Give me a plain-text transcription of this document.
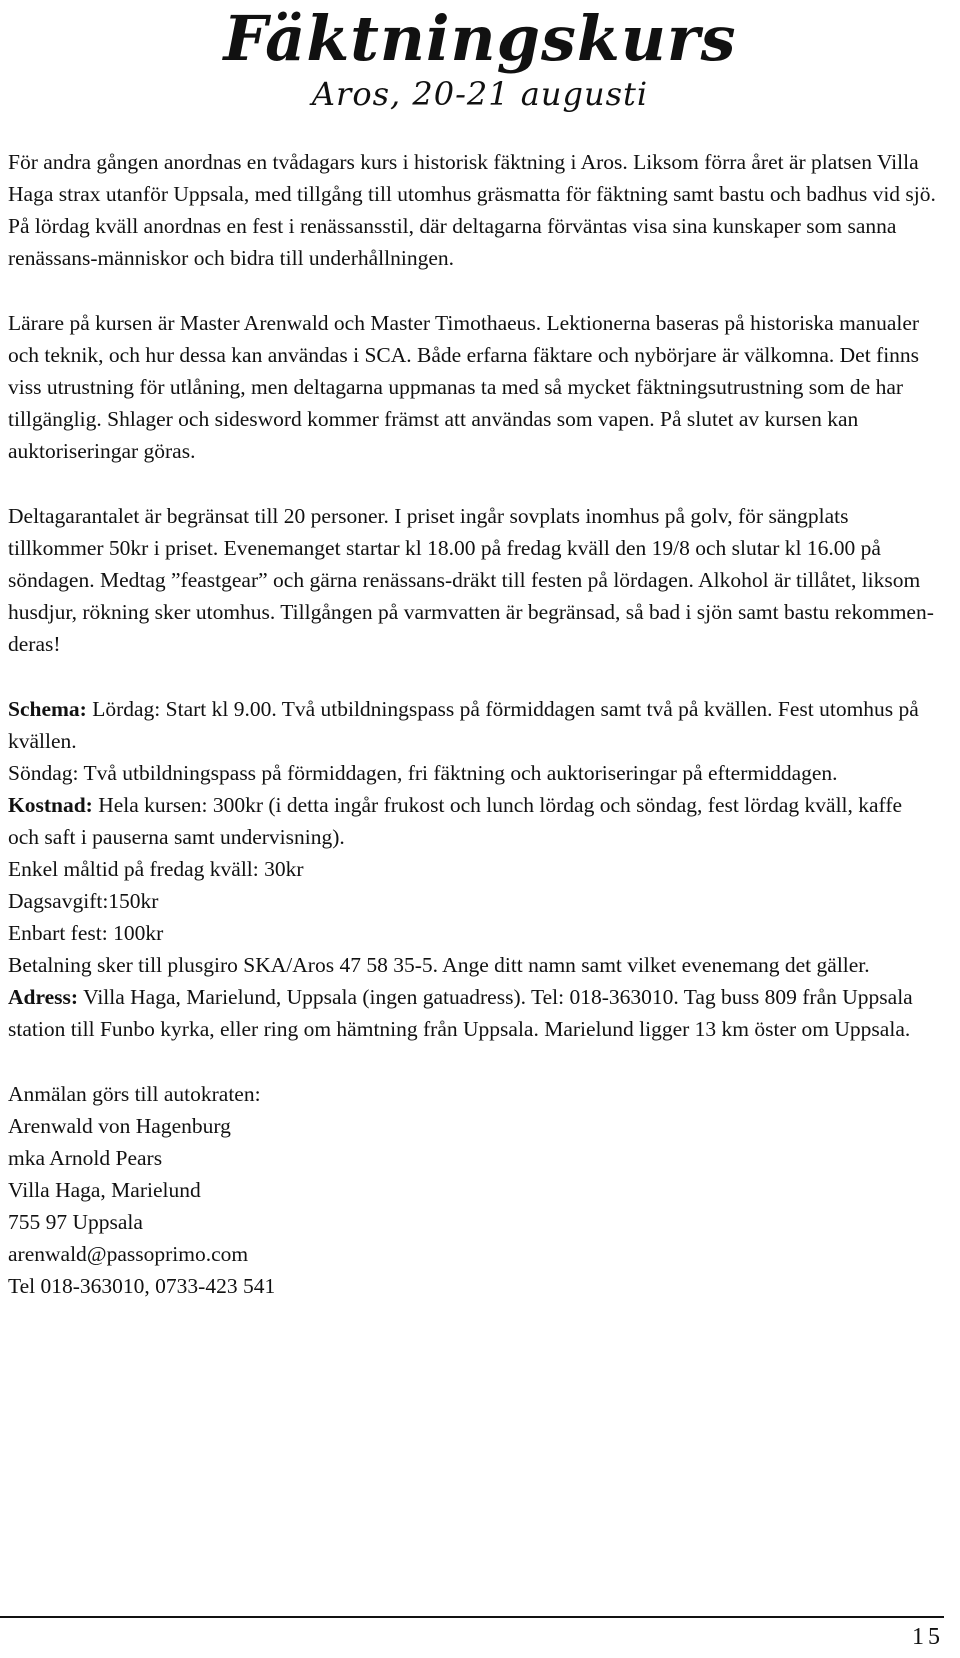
Fäktningskurs
Aros, 20-21 augusti

För andra gången anordnas en tvådagars kurs i historisk fäktning i Aros. Liksom förra året är platsen Villa Haga strax utanför Uppsala, med tillgång till utomhus gräsmatta för fäktning samt bastu och badhus vid sjö. På lördag kväll anordnas en fest i renässansstil, där deltagarna förväntas visa sina kunskaper som sanna renässans-människor och bidra till underhållningen.

Lärare på kursen är Master Arenwald och Master Timothaeus. Lektionerna baseras på historiska manualer och teknik, och hur dessa kan användas i SCA. Både erfarna fäktare och nybörjare är välkomna. Det finns viss utrustning för utlåning, men deltagarna uppmanas ta med så mycket fäktningsutrustning som de har tillgänglig. Shlager och sidesword kommer främst att användas som vapen. På slutet av kursen kan auktoriseringar göras.

Deltagarantalet är begränsat till 20 personer. I priset ingår sovplats inomhus på golv, för sängplats tillkommer 50kr i priset. Evenemanget startar kl 18.00 på fredag kväll den 19/8 och slutar kl 16.00 på söndagen. Medtag ”feastgear” och gärna renässans-dräkt till festen på lördagen. Alkohol är tillåtet, liksom husdjur, rökning sker utomhus. Tillgången på varmvatten är begränsad, så bad i sjön samt bastu rekommen-deras!

Schema: Lördag: Start kl 9.00. Två utbildningspass på förmiddagen samt två på kvällen. Fest utomhus på kvällen.

Söndag: Två utbildningspass på förmiddagen, fri fäktning och auktoriseringar på eftermiddagen.

Kostnad: Hela kursen: 300kr (i detta ingår frukost och lunch lördag och söndag, fest lördag kväll, kaffe och saft i pauserna samt undervisning).

Enkel måltid på fredag kväll: 30kr

Dagsavgift:150kr

Enbart fest: 100kr

Betalning sker till plusgiro SKA/Aros 47 58 35-5. Ange ditt namn samt vilket evenemang det gäller.

Adress: Villa Haga, Marielund, Uppsala (ingen gatuadress). Tel: 018-363010. Tag buss 809 från Uppsala station till Funbo kyrka, eller ring om hämtning från Uppsala. Marielund ligger 13 km öster om Uppsala.

Anmälan görs till autokraten:

Arenwald von Hagenburg

mka Arnold Pears

Villa Haga, Marielund

755 97 Uppsala

arenwald@passoprimo.com

Tel 018-363010, 0733-423 541

15
